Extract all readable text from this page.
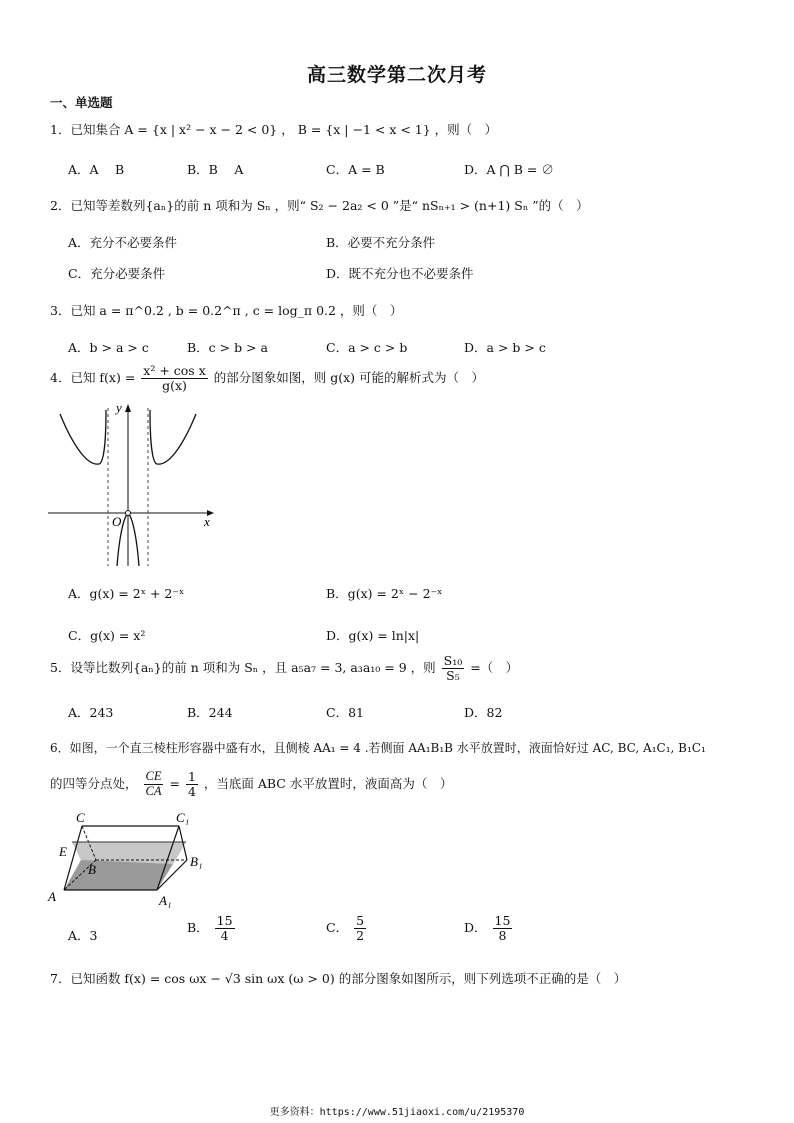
高三数学第二次月考
一、单选题
1．已知集合 A = {x | x² − x − 2 < 0} ， B = {x | −1 < x < 1} ，则（　）
A．A　 B	B．B　 A	C．A = B	D．A ⋂ B = ∅
2．已知等差数列{aₙ}的前 n 项和为 Sₙ ，则“ S₂ − 2a₂ < 0 ”是“ nSₙ₊₁ > (n+1) Sₙ ”的（　）
A．充分不必要条件	B．必要不充分条件
C．充分必要条件	D．既不充分也不必要条件
3．已知 a = π^0.2 , b = 0.2^π , c = log_π 0.2 ，则（　）
A．b > a > c	B．c > b > a	C．a > c > b	D．a > b > c
4．已知 $f(x) = \frac{\text{x² + cos x}}{g(x)}$ 的部分图象如图，则 g(x) 可能的解析式为（　）
y
x
O
A．g(x) = 2ˣ + 2⁻ˣ	B．g(x) = 2ˣ − 2⁻ˣ
C．g(x) = x²	D．g(x) = ln|x|
5．设等比数列{aₙ}的前 n 项和为 Sₙ ，且 a₅a₇ = 3, a₃a₁₀ = 9 ，则 $\frac{\text{S₁₀}}{\text{S₅}}$ =（　）
A．243	B．244	C．81	D．82
6．如图，一个直三棱柱形容器中盛有水，且侧棱 AA₁ = 4 .若侧面 AA₁B₁B 水平放置时，液面恰好过 AC, BC, A₁C₁, B₁C₁
的四等分点处， $\frac{CE}{CA} = \frac{1}{4}$ ，当底面 ABC 水平放置时，液面高为（　）
C	C₁
E
B
B₁
A	A₁
A．3
B． $\frac{15}{4}$	C． $\frac{5}{2}$	D． $\frac{15}{8}$
7．已知函数 f(x) = cos ωx − √3 sin ωx (ω > 0) 的部分图象如图所示，则下列选项不正确的是（　）
更多资料：https://www.51jiaoxi.com/u/2195370
